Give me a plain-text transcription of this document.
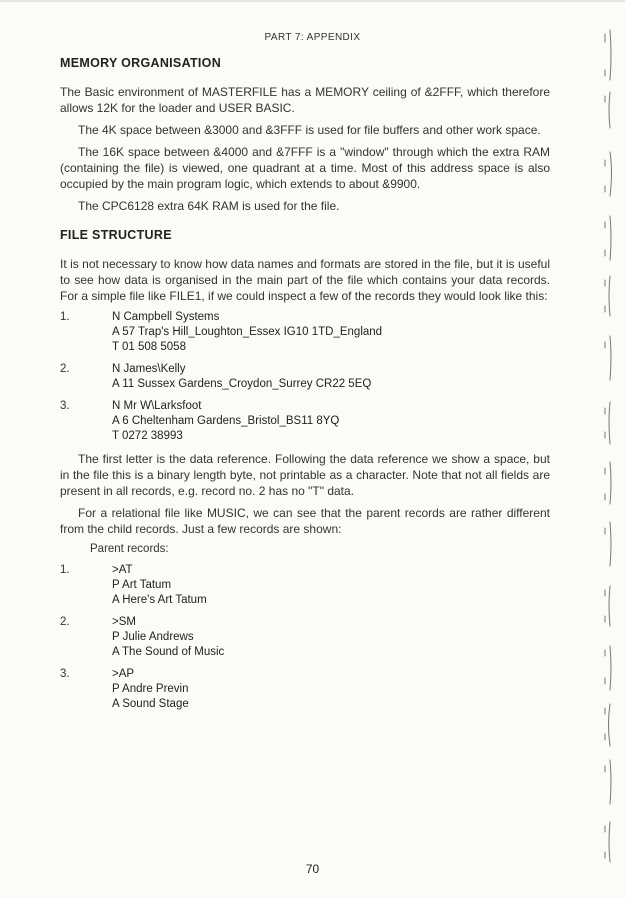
PART 7: APPENDIX
MEMORY ORGANISATION

The Basic environment of MASTERFILE has a MEMORY ceiling of &2FFF, which therefore allows 12K for the loader and USER BASIC.

The 4K space between &3000 and &3FFF is used for file buffers and other work space.

The 16K space between &4000 and &7FFF is a "window" through which the extra RAM (containing the file) is viewed, one quadrant at a time. Most of this address space is also occupied by the main program logic, which extends to about &9900.

The CPC6128 extra 64K RAM is used for the file.

FILE STRUCTURE

It is not necessary to know how data names and formats are stored in the file, but it is useful to see how data is organised in the main part of the file which contains your data records. For a simple file like FILE1, if we could inspect a few of the records they would look like this:

1.	N Campbell Systems
A 57 Trap's Hill_Loughton_Essex IG10 1TD_England
T 01 508 5058
2.	N James\Kelly
A 11 Sussex Gardens_Croydon_Surrey CR22 5EQ
3.	N Mr W\Larksfoot
A 6 Cheltenham Gardens_Bristol_BS11 8YQ
T 0272 38993

The first letter is the data reference. Following the data reference we show a space, but in the file this is a binary length byte, not printable as a character. Note that not all fields are present in all records, e.g. record no. 2 has no "T" data.

For a relational file like MUSIC, we can see that the parent records are rather different from the child records. Just a few records are shown:

Parent records:
1.	>AT
P Art Tatum
A Here's Art Tatum
2.	>SM
P Julie Andrews
A The Sound of Music
3.	>AP
P Andre Previn
A Sound Stage
70
